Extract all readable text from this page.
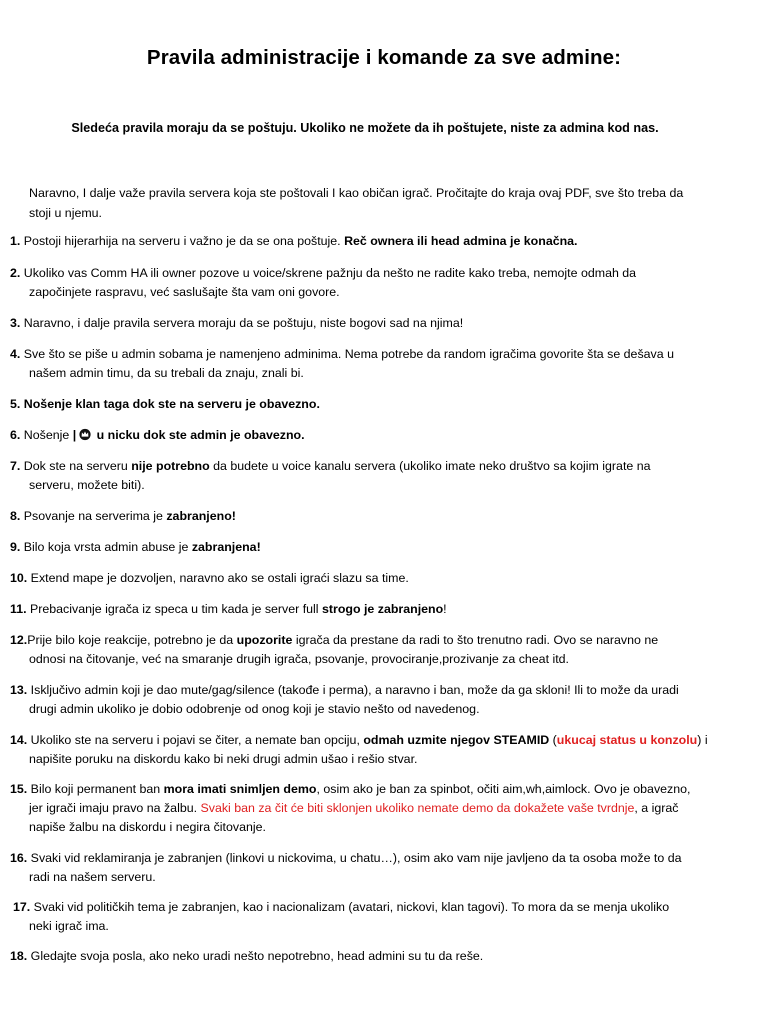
Pravila administracije i komande za sve admine:
Sledeća pravila moraju da se poštuju. Ukoliko ne možete da ih poštujete, niste za admina kod nas.
Naravno, I dalje važe pravila servera koja ste poštovali I kao običan igrač. Pročitajte do kraja ovaj PDF, sve što treba da
stoji u njemu.
1. Postoji hijerarhija na serveru i važno je da se ona poštuje. Reč ownera ili head admina je konačna.
2. Ukoliko vas Comm HA ili owner pozove u voice/skrene pažnju da nešto ne radite kako treba, nemojte odmah da
započinjete raspravu, već saslušajte šta vam oni govore.
3. Naravno, i dalje pravila servera moraju da se poštuju, niste bogovi sad na njima!
4. Sve što se piše u admin sobama je namenjeno adminima. Nema potrebe da random igračima govorite šta se dešava u
našem admin timu, da su trebali da znaju, znali bi.
5. Nošenje klan taga dok ste na serveru je obavezno.
6. Nošenje | u nicku dok ste admin je obavezno.
7. Dok ste na serveru nije potrebno da budete u voice kanalu servera (ukoliko imate neko društvo sa kojim igrate na
serveru, možete biti).
8. Psovanje na serverima je zabranjeno!
9. Bilo koja vrsta admin abuse je zabranjena!
10. Extend mape je dozvoljen, naravno ako se ostali igraći slazu sa time.
11. Prebacivanje igrača iz speca u tim kada je server full strogo je zabranjeno!
12.Prije bilo koje reakcije, potrebno je da upozorite igrača da prestane da radi to što trenutno radi. Ovo se naravno ne
odnosi na čitovanje, već na smaranje drugih igrača, psovanje, provociranje,prozivanje za cheat itd.
13. Isključivo admin koji je dao mute/gag/silence (takođe i perma), a naravno i ban, može da ga skloni! Ili to može da uradi
drugi admin ukoliko je dobio odobrenje od onog koji je stavio nešto od navedenog.
14. Ukoliko ste na serveru i pojavi se čiter, a nemate ban opciju, odmah uzmite njegov STEAMID (ukucaj status u konzolu) i
napišite poruku na diskordu kako bi neki drugi admin ušao i rešio stvar.
15. Bilo koji permanent ban mora imati snimljen demo, osim ako je ban za spinbot, očiti aim,wh,aimlock. Ovo je obavezno,
jer igrači imaju pravo na žalbu. Svaki ban za čit će biti sklonjen ukoliko nemate demo da dokažete vaše tvrdnje, a igrač
napiše žalbu na diskordu i negira čitovanje.
16. Svaki vid reklamiranja je zabranjen (linkovi u nickovima, u chatu…), osim ako vam nije javljeno da ta osoba može to da
radi na našem serveru.
17. Svaki vid političkih tema je zabranjen, kao i nacionalizam (avatari, nickovi, klan tagovi). To mora da se menja ukoliko
neki igrač ima.
18. Gledajte svoja posla, ako neko uradi nešto nepotrebno, head admini su tu da reše.
